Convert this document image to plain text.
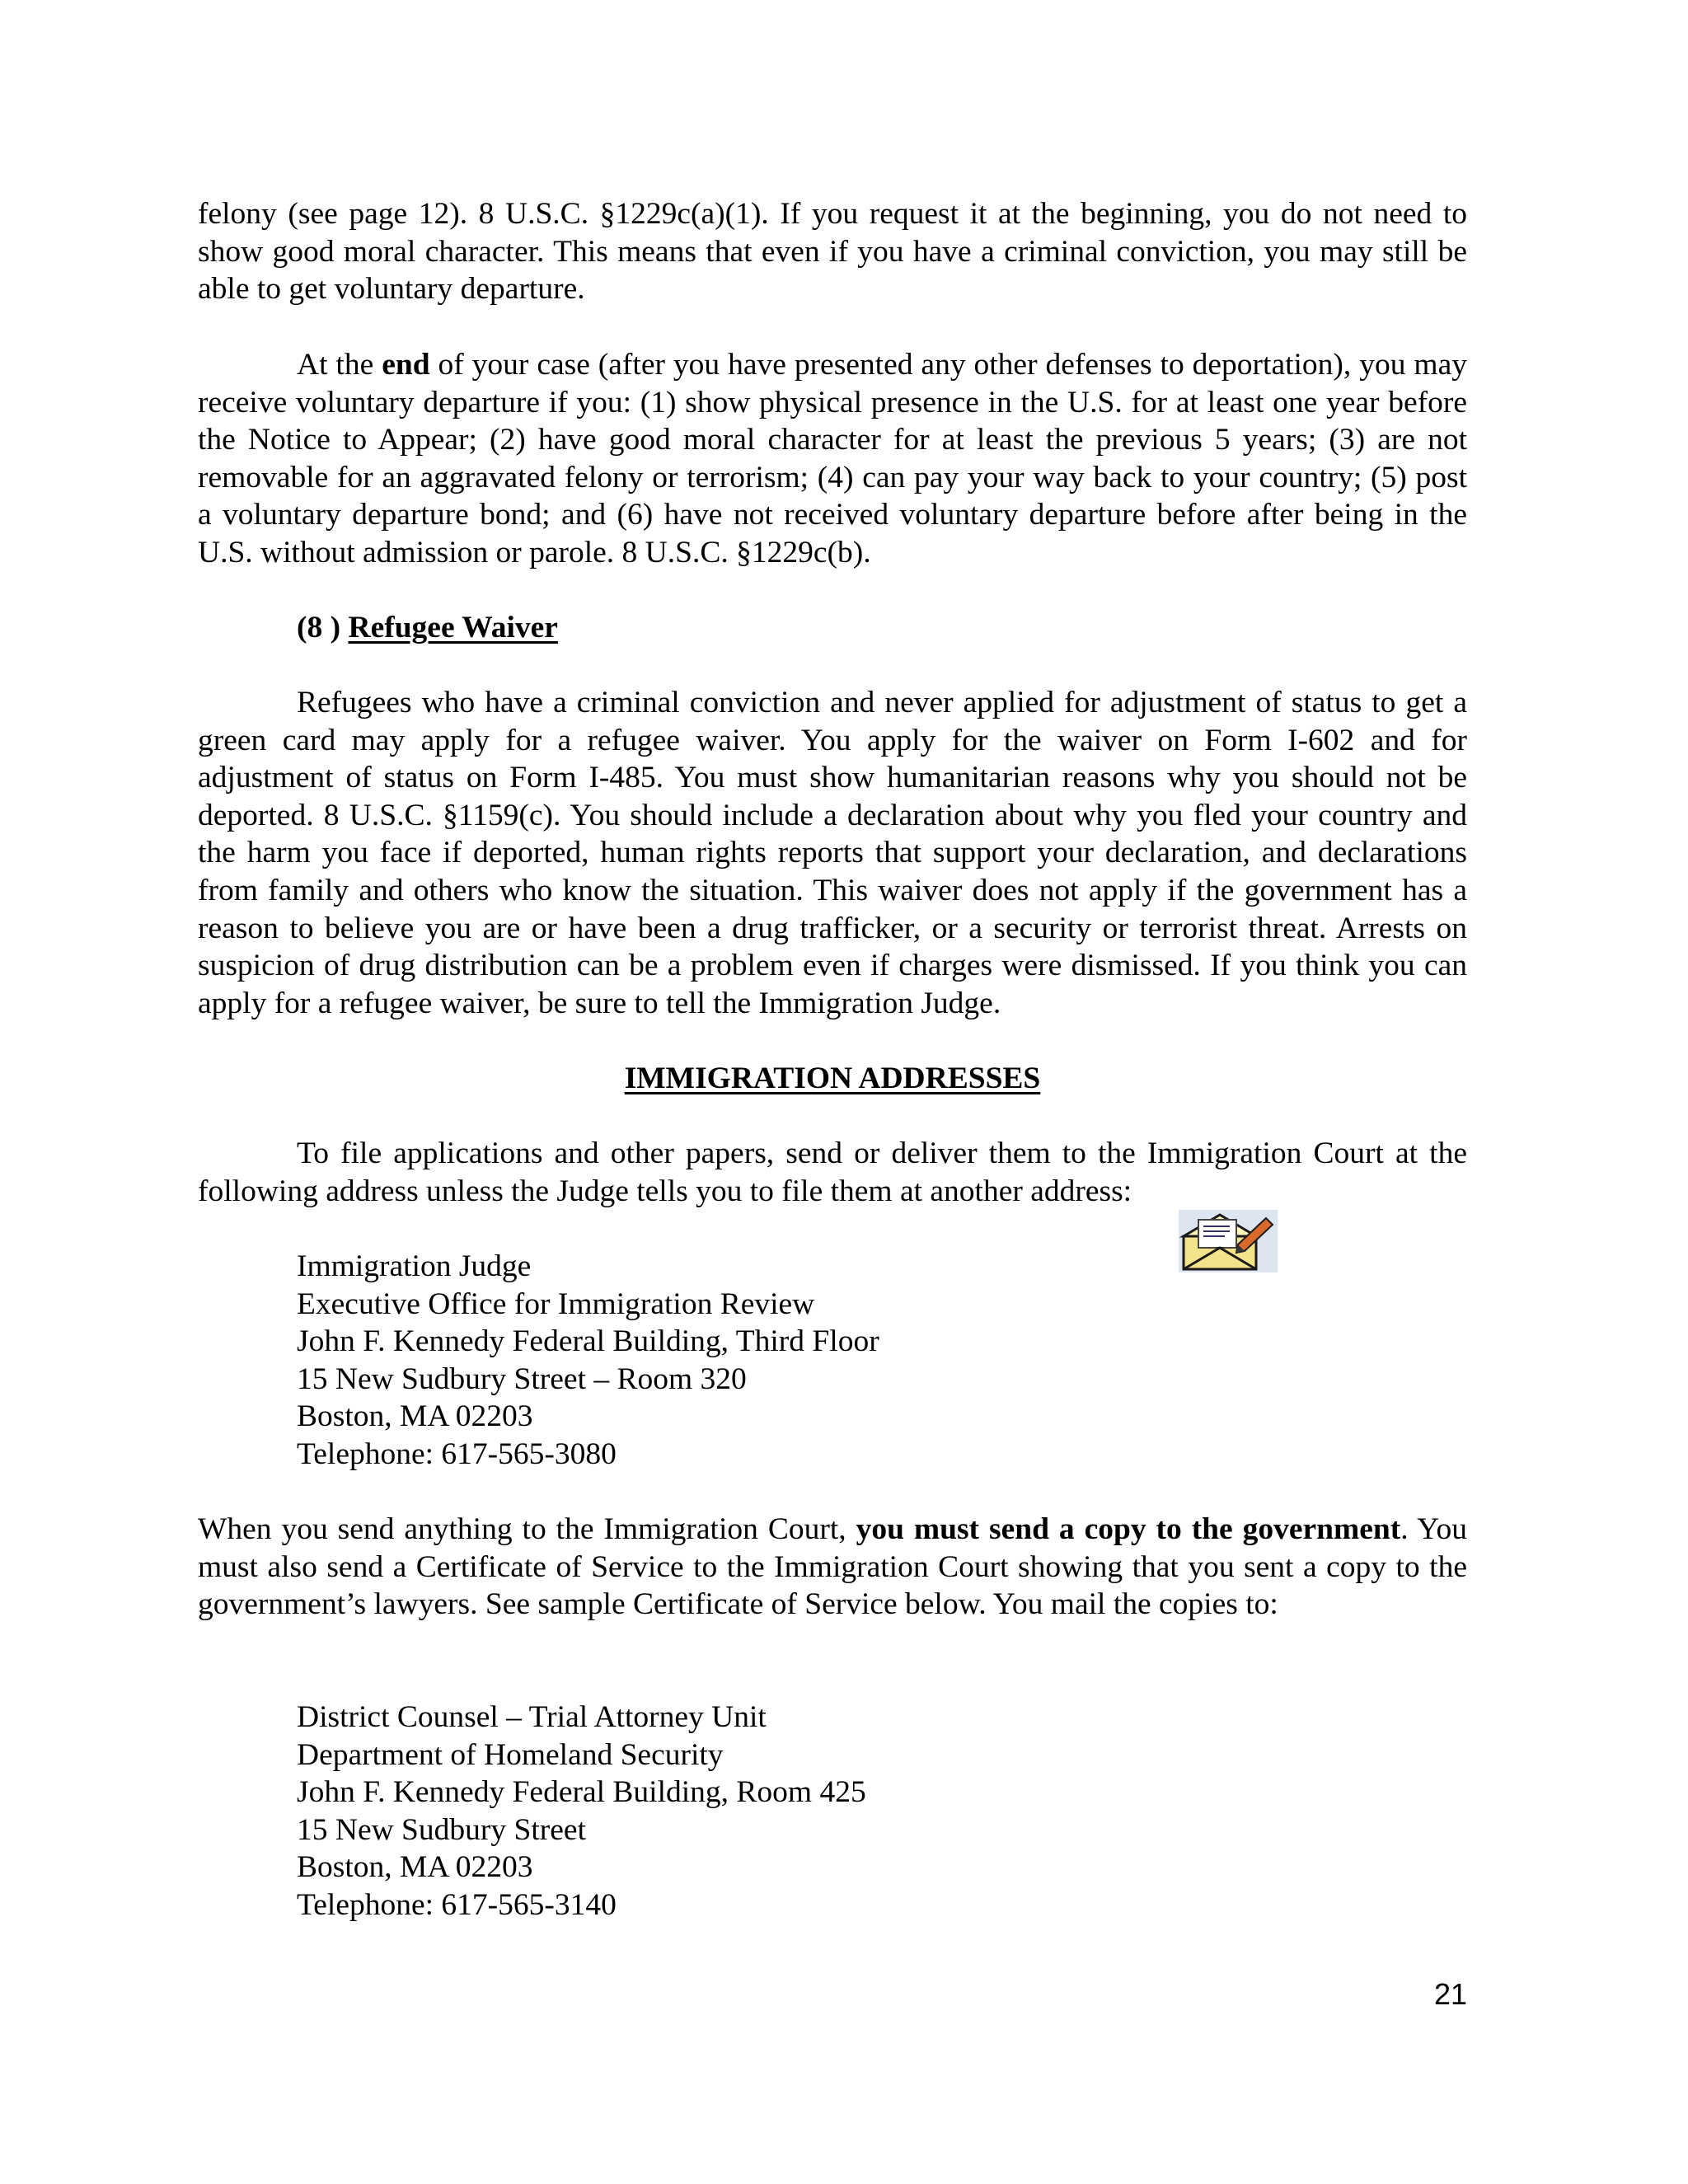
felony (see page 12). 8 U.S.C. §1229c(a)(1). If you request it at the beginning, you do not need to show good moral character. This means that even if you have a criminal conviction, you may still be able to get voluntary departure.

At the end of your case (after you have presented any other defenses to deportation), you may receive voluntary departure if you: (1) show physical presence in the U.S. for at least one year before the Notice to Appear; (2) have good moral character for at least the previous 5 years; (3) are not removable for an aggravated felony or terrorism; (4) can pay your way back to your country; (5) post a voluntary departure bond; and (6) have not received voluntary departure before after being in the U.S. without admission or parole. 8 U.S.C. §1229c(b).

(8 ) Refugee Waiver

Refugees who have a criminal conviction and never applied for adjustment of status to get a green card may apply for a refugee waiver. You apply for the waiver on Form I-602 and for adjustment of status on Form I-485. You must show humanitarian reasons why you should not be deported. 8 U.S.C. §1159(c). You should include a declaration about why you fled your country and the harm you face if deported, human rights reports that support your declaration, and declarations from family and others who know the situation. This waiver does not apply if the government has a reason to believe you are or have been a drug trafficker, or a security or terrorist threat. Arrests on suspicion of drug distribution can be a problem even if charges were dismissed. If you think you can apply for a refugee waiver, be sure to tell the Immigration Judge.

IMMIGRATION ADDRESSES

To file applications and other papers, send or deliver them to the Immigration Court at the following address unless the Judge tells you to file them at another address:

Immigration Judge
Executive Office for Immigration Review
John F. Kennedy Federal Building, Third Floor
15 New Sudbury Street – Room 320
Boston, MA 02203
Telephone: 617-565-3080

When you send anything to the Immigration Court, you must send a copy to the government. You must also send a Certificate of Service to the Immigration Court showing that you sent a copy to the government’s lawyers. See sample Certificate of Service below. You mail the copies to:

District Counsel – Trial Attorney Unit
Department of Homeland Security
John F. Kennedy Federal Building, Room 425
15 New Sudbury Street
Boston, MA 02203
Telephone: 617-565-3140
21
